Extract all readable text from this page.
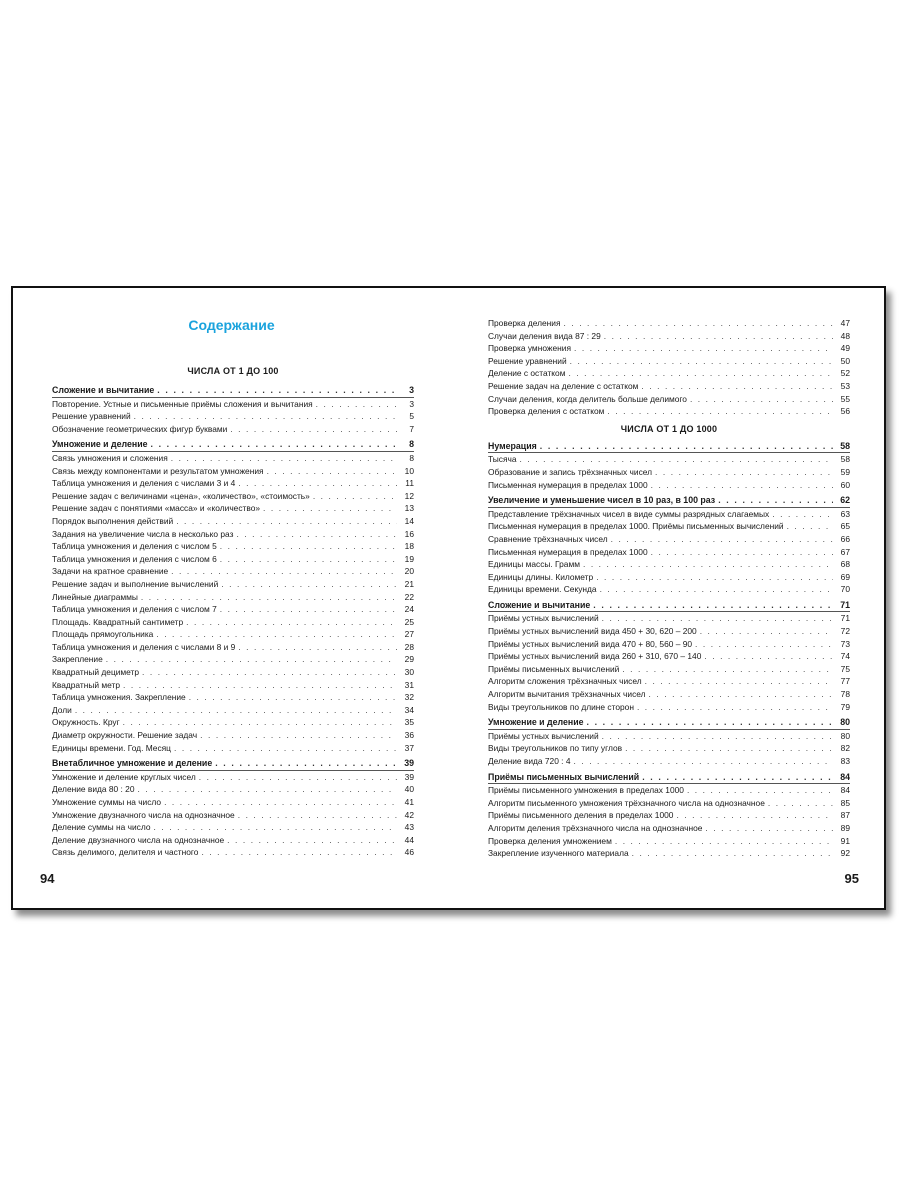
Содержание
ЧИСЛА ОТ 1 ДО 100
Сложение и вычитание . . .	3
Повторение. Устные и письменные приёмы сложения и вычитания . . .	3
Решение уравнений . . .	5
Обозначение геометрических фигур буквами . . .	7
Умножение и деление . . .	8
Связь умножения и сложения . . .	8
Связь между компонентами и результатом умножения . . .	10
Таблица умножения и деления с числами 3 и 4 . . .	11
Решение задач с величинами «цена», «количество», «стоимость» . . .	12
Решение задач с понятиями «масса» и «количество» . . .	13
Порядок выполнения действий . . .	14
Задания на увеличение числа в несколько раз . . .	16
Таблица умножения и деления с числом 5 . . .	18
Таблица умножения и деления с числом 6 . . .	19
Задачи на кратное сравнение . . .	20
Решение задач и выполнение вычислений . . .	21
Линейные диаграммы . . .	22
Таблица умножения и деления с числом 7 . . .	24
Площадь. Квадратный сантиметр . . .	25
Площадь прямоугольника . . .	27
Таблица умножения и деления с числами 8 и 9 . . .	28
Закрепление . . .	29
Квадратный дециметр . . .	30
Квадратный метр . . .	31
Таблица умножения. Закрепление . . .	32
Доли . . .	34
Окружность. Круг . . .	35
Диаметр окружности. Решение задач . . .	36
Единицы времени. Год. Месяц . . .	37
Внетабличное умножение и деление . . .	39
Умножение и деление круглых чисел . . .	39
Деление вида 80 : 20 . . .	40
Умножение суммы на число . . .	41
Умножение двузначного числа на однозначное . . .	42
Деление суммы на число . . .	43
Деление двузначного числа на однозначное . . .	44
Связь делимого, делителя и частного . . .	46
94
Проверка деления . . .	47
Случаи деления вида 87 : 29 . . .	48
Проверка умножения . . .	49
Решение уравнений . . .	50
Деление с остатком . . .	52
Решение задач на деление с остатком . . .	53
Случаи деления, когда делитель больше делимого . . .	55
Проверка деления с остатком . . .	56
ЧИСЛА ОТ 1 ДО 1000
Нумерация . . .	58
Тысяча . . .	58
Образование и запись трёхзначных чисел . . .	59
Письменная нумерация в пределах 1000 . . .	60
Увеличение и уменьшение чисел в 10 раз, в 100 раз . . .	62
Представление трёхзначных чисел в виде суммы разрядных слагаемых . . .	63
Письменная нумерация в пределах 1000. Приёмы письменных вычислений . . .	65
Сравнение трёхзначных чисел . . .	66
Письменная нумерация в пределах 1000 . . .	67
Единицы массы. Грамм . . .	68
Единицы длины. Километр . . .	69
Единицы времени. Секунда . . .	70
Сложение и вычитание . . .	71
Приёмы устных вычислений . . .	71
Приёмы устных вычислений вида 450 + 30, 620 – 200 . . .	72
Приёмы устных вычислений вида 470 + 80, 560 – 90 . . .	73
Приёмы устных вычислений вида 260 + 310, 670 – 140 . . .	74
Приёмы письменных вычислений . . .	75
Алгоритм сложения трёхзначных чисел . . .	77
Алгоритм вычитания трёхзначных чисел . . .	78
Виды треугольников по длине сторон . . .	79
Умножение и деление . . .	80
Приёмы устных вычислений . . .	80
Виды треугольников по типу углов . . .	82
Деление вида 720 : 4 . . .	83
Приёмы письменных вычислений . . .	84
Приёмы письменного умножения в пределах 1000 . . .	84
Алгоритм письменного умножения трёхзначного числа на однозначное . . .	85
Приёмы письменного деления в пределах 1000 . . .	87
Алгоритм деления трёхзначного числа на однозначное . . .	89
Проверка деления умножением . . .	91
Закрепление изученного материала . . .	92
95
